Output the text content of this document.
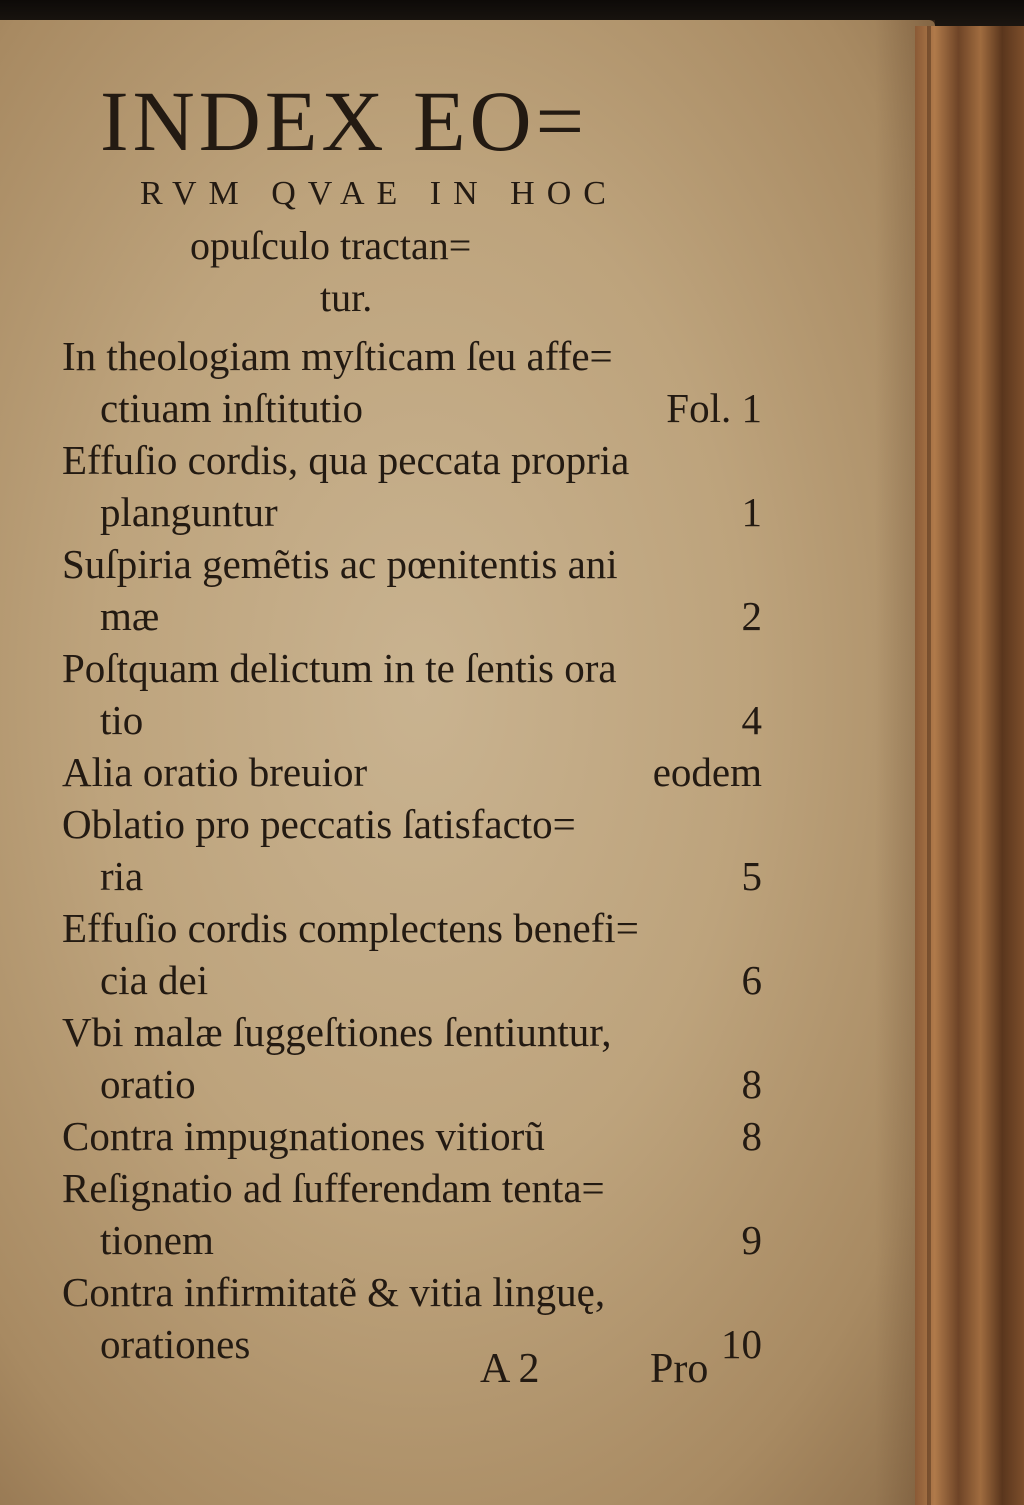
INDEX EO=
RVM QVAE IN HOC
opuſculo tractan=
tur.
In theologiam myſticam ſeu affe=
ctiuam inſtitutio	Fol. 1
Effuſio cordis, qua peccata propria
planguntur	1
Suſpiria gemẽtis ac pœnitentis ani
mæ	2
Poſtquam delictum in te ſentis ora
tio	4
Alia oratio breuior	eodem
Oblatio pro peccatis ſatisfacto=
ria	5
Effuſio cordis complectens benefi=
cia dei	6
Vbi malæ ſuggeſtiones ſentiuntur,
oratio	8
Contra impugnationes vitiorũ	8
Reſignatio ad ſufferendam tenta=
tionem	9
Contra infirmitatẽ & vitia linguę,
orationes	10
A 2	Pro
